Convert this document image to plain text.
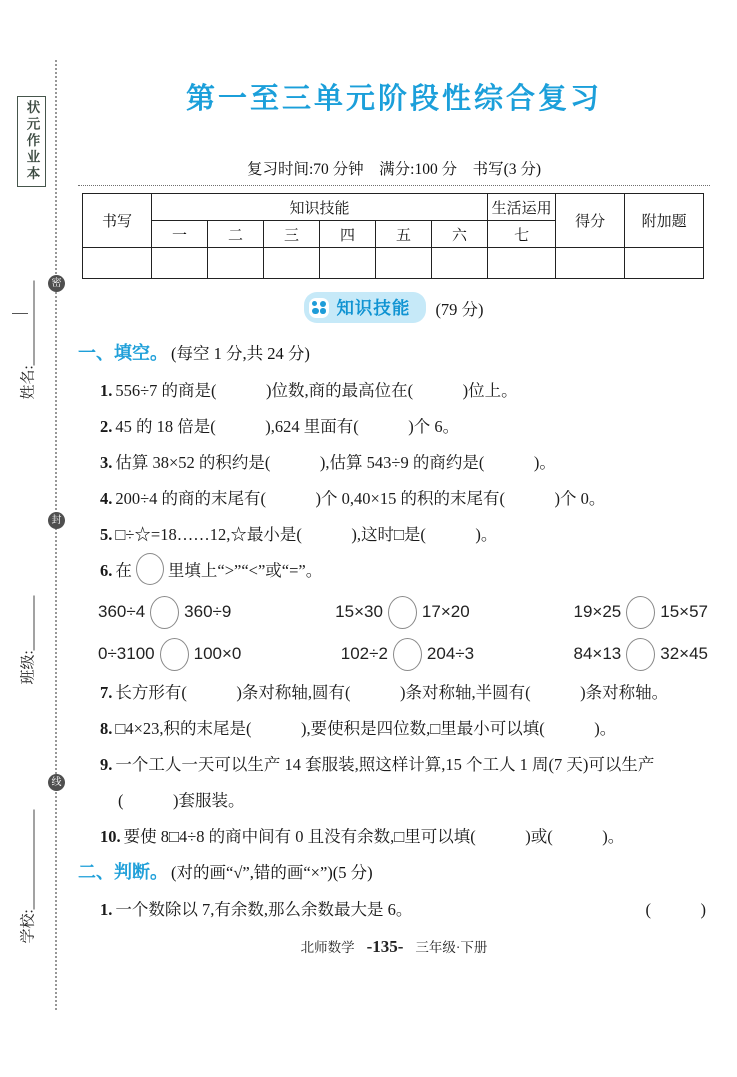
状元作业本
密
封
线
姓名:
班级:
学校:
第一至三单元阶段性综合复习
复习时间:70 分钟　满分:100 分　书写(3 分)
书写	知识技能						生活运用	得分	附加题
	一	二	三	四	五	六	七		

知识技能 (79 分)
一、填空。 (每空 1 分,共 24 分)
1. 556÷7 的商是(　　　)位数,商的最高位在(　　　)位上。
2. 45 的 18 倍是(　　　),624 里面有(　　　)个 6。
3. 估算 38×52 的积约是(　　　),估算 543÷9 的商约是(　　　)。
4. 200÷4 的商的末尾有(　　　)个 0,40×15 的积的末尾有(　　　)个 0。
5. □÷☆=18……12,☆最小是(　　　),这时□是(　　　)。
6. 在 里填上“>”“<”或“=”。
360÷4 360÷9	15×30 17×20	19×25 15×57
0÷3100 100×0	102÷2 204÷3	84×13 32×45
7. 长方形有(　　　)条对称轴,圆有(　　　)条对称轴,半圆有(　　　)条对称轴。
8. □4×23,积的末尾是(　　　),要使积是四位数,□里最小可以填(　　　)。
9. 一个工人一天可以生产 14 套服装,照这样计算,15 个工人 1 周(7 天)可以生产(　　　)套服装。
10. 要使 8□4÷8 的商中间有 0 且没有余数,□里可以填(　　　)或(　　　)。
二、判断。 (对的画“√”,错的画“×”)(5 分)
1. 一个数除以 7,有余数,那么余数最大是 6。	(　　　)
北师数学 -135- 三年级·下册
